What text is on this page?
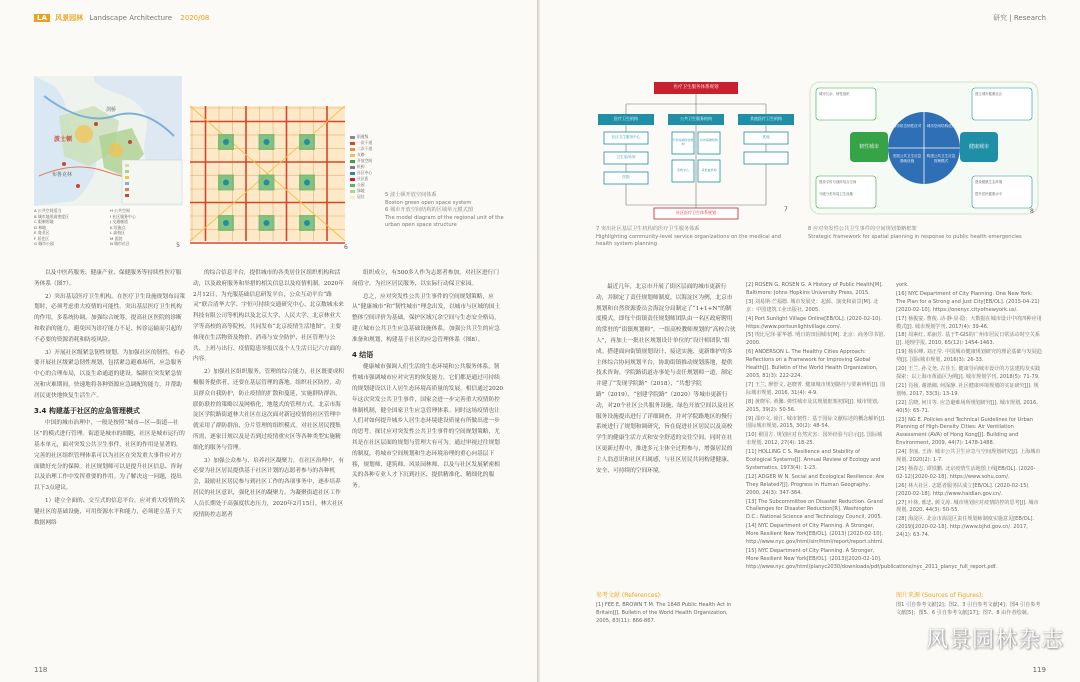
LA 风景园林 Landscape Architecture 2020/08
波士顿
剑桥
布鲁克林
A 公共空间适当
B 城市地景高密度区
C 限制用地
D 林地
E 商业区
F 居住区
G 城市公园
H 公共空间
I 社区服务中心
J 交通廊道
K 设施点
L 高校区
M 医院
N 城市社区	5
街道级
一次干道
二次干道
支路
开放空间
机构
社区中心
社区医
公园
绿地
居住
6
5 波士顿开放空间体系
Boston green open space system
6 城市开放空间结构的区域单元模式图
The model diagram of the regional unit of the urban open space structure

以及中医药服务、健康产业、保健服务等持续性医疗服务体系（图7）。

2）突出基层医疗卫生机构。在医疗卫生设施规划布局策划时，必须考虑重大疫情的可能性。突出基层医疗卫生机构的作用，多系统协调，加强综合统筹，提高社区医院的诊断和收治的能力，避免因为诊疗能力不足、转诊运输而引起的不必要的资源消耗和防疫风险。

3）开展社区级紧急韧性规划。为加强社区的韧性，有必要开展社区级紧急韧性规划，包括紧急避难场所、应急服务中心的合理布局，以及生命通道的建设。编制在突发紧急情况和灾难期间，快速地将各种资源应急调配的能力，并帮助居民更快地恢复生活生产。

3.4 构建基于社区的应急管理模式

中国的城市治理中，一般是按照“城市—区—街道—社区”的模式进行管理。街道是城市的细胞，社区是城市运行的基本单元，面对突发公共卫生事件，社区的作用是显著的。完善的社区组织管理体系可以为社区在突发重大事件应对方面做好充分的保障。社区规划师可以是提升社区信息、咨询以及治理工作中发挥重要的作用。为了解决这一问题，提出以下3点建议。

1）建立全面的、交互式的信息平台。应对重大疫情的关键社区的基础设施，可用资源水平和能力，必须建立基于大数据网络

的综合信息平台，提供城市的各类居住区组织机构和活动，以及政府服务和举措的相关信息以及疫情机制。2020年2月12日，为充服基础信息研发平台，公众互动平台“路灵”联合清华大学、宇恒可持续交通研究中心、北京数城未来科技有限公司等机构以及北京大学、人民大学、北京林业大学等高校的高等院校，共同发布“北京疫情生活地图”，主要体现在生活物资及物价、消毒与安全防护、社区管理与公共、上班与出行、疫情隐患举报以及个人生活日记六方面的内容。

2）加强社区组织服务。管理的综合能力，社区既要成积极服务提供者，还要在基层管理的落地。组织社区防控，动员群众自我防护，防止疫情的扩散和蔓延，实施群防群治，联防联控的策略以及网格化，地毯式的管理方式。北京市海淀区学院路街道林大社区在这次面对新冠疫情的社区管理中就采用了群防群治、分片管理的组织模式。对社区居民搜集所需，逐家日规以及是否到过疫情重灾区等各种类型实施精细化的服务与管理。

3）加强公众参与，培养社区凝聚力。在社区治理中，有必要为社区居民提供基于社区计划的志愿者参与的各种机会，鼓励社区居民参与到社区工作的各项事务中，逐步培养居民的社区意识，强化社区的凝聚力。为凝聚街道社区工作人员长期处于高强度状态压力，2020年2月15日，林大社区疫情防控志愿者

组织成立，有500多人作为志愿者参加，对社区进行门岗值守，为社区居民服务，以实际行动保卫家园。

总之，应对突发性公共卫生事件的空间规划策略，应从“健康城市”和“韧性城市”理念出发，以城市与区域的国土整体空间评价为基础，保护区域冗余空间与生态安全格局，建立城市公共卫生应急基础设施体系，加强公共卫生的应急准备和规划，构建基于社区的应急管理体系（图8）。

4 结语

健康城市强调人们生活的生态环境和公共服务体系，韧性城市强调城市应对灾害的恢复能力，它们都是通过可持续的规划建设以让人居生态环境高质量的发展。相信通过2020年这次突发公共卫生事件，国家会进一步完善重大疫情防控体制机制，健全国家卫生应急管理体系。同时这场疫情也让人们对如何提升城乡人居生态环境建设质量有所做出进一步的思考。探讨应对突发性公共卫生事件的空间规划策略，尤其是在社区层面的规划与管理大有可为。通过审视过往规划的制度，将城市空间规划和生态环境治理的重心向基层下移，规划师、建筑师、风景园林师，以及与社区发展紧密相关的各种专业人才下沉到社区，提供精准化、精细化的服务。

118
研究 | Research
医疗卫生服务体系规划
医疗卫生机构	公共卫生服务机构	其他医疗卫生机构
社区卫生服务中心
卫生室/诊所
医院
专科疾病防治机构
妇幼保健机构
急救中心	采供血机构
其他
社区医疗卫生体系规划	7
韧性城市	健康城市
城市常态韧性应对 城市空间结构优化
发展公共卫生应急基础设施
构建公共卫生应急管理模式
城市冗余、韧性组织
建设平时与战时结合空间
分级分类布局卫生设施
建立城市健康社区
建设健康生态环境
提升居民健康水平
8
7 突出社区基层卫生机构的医疗卫生服务体系
Highlighting community-level service organizations on the medical and health system planning
8 应对突发性公共卫生事件的空间规划策略框架
Strategic framework for spatial planning in response to public health emergencies

最近几年，北京市开展了街区层面的城市更新行动，并制定了责任规划师制度。以海淀区为例，北京市规划和自然资源委员会海淀分局制定了“1+1+N”的制度模式，即每个街镇责任规划师团队由一名区政府聘用的常驻的“街镇规划师”，一组高校教师规划的“高校合伙人”，再加上一批社区规划设计单位的“设计师团队”组成。搭建面向街镇规划设计、接送实施、更新维护的多主体综合协同规划平台，协助街镇推动规划落地，提供技术咨询。学院路街道办事处与责任规划师一道，制定并建了“发现学院路”（2018）、“共想学院路”（2019）、“创建学院路”（2020）等城市更新行动，对20个社区公共服务设施、绿色开放空间以及社区服务设施提出进行了详细调查，并对学院路地区的慢行系统进行了规划和调研究，旨在促进社区居民以及高校学生的健康生活方式和安全舒适的交往空间。同时在社区更新过程中，推进多元主体全过程参与，增强居民的主人翁意识和社区归属感，与社区居民共同构建健康、安全、可持续的空间环境。

参考文献 (References):
[1] FEE E, BROWN T M. The 1848 Public Health Act in Britain[J]. Bulletin of the World Health Organization, 2005, 83(11): 866-867.
[2] ROSEN G, ROSEN G. A History of Public Health[M]. Baltimore: Johns Hopkins University Press, 2015.
[3] 刘易斯·芒福德. 城市发展史：起源、演变和前景[M]. 北京：中国建筑工业出版社, 2005.
[4] Port Sunlight Village Online[EB/OL]. (2020-02-10). https://www.portsunlightvillage.com/.
[5] 埃比尼泽·霍华德. 明日的田园城市[M]. 北京：商务印书馆, 2000.
[6] ANDERSON L. The Healthy Cities Approach: Reflections on a Framework for Improving Global Health[J]. Bulletin of the World Health Organization, 2003, 81(3): 222-224.
[7] 王兰, 廖舒文, 赵晓菁. 健康城市规划路径与要素辨析[J]. 国际城市规划, 2016, 31(4): 4-9.
[8] 黄晓军, 黄馨. 弹性城市及其规划框架初探[J]. 城市规划, 2015, 39(2): 50-56.
[9] 邵亦文, 徐江. 城市韧性：基于国际文献综述的概念解析[J]. 国际城市规划, 2015, 30(2): 48-54.
[10] 翟国方. 规划应对自然灾害：国外经验与启示[J]. 国际城市规划, 2012, 27(4): 18-25.
[11] HOLLING C S. Resilience and Stability of Ecological Systems[J]. Annual Review of Ecology and Systematics, 1973(4): 1-23.
[12] ADGER W N. Social and Ecological Resilience: Are They Related?[J]. Progress in Human Geography, 2000, 24(3): 347-364.
[13] The Subcommittee on Disaster Reduction. Grand Challenges for Disaster Reduction[R]. Washington D.C.: National Science and Technology Council, 2005.
[14] NYC Department of City Planning. A Stronger, More Resilient New York[EB/OL]. (2013) [2020-02-10]. http://www.nyc.gov/html/sirr/html/report/report.shtml.
[15] NYC Department of City Planning. A Stronger, More Resilient New York[EB/OL]. (2013)[2020-02-10]. http://www.nyc.gov/html/planyc2030/downloads/pdf/publications/nyc_2011_planyc_full_report.pdf.
york.
[16] NYC Department of City Planning. One New York: The Plan for a Strong and Just City[EB/OL]. (2015-04-21)[2020-02-10]. https://onenyc.cityofnewyork.us/.
[17] 杨俊宴, 曹俊. 动·静·显·隐：大数据在城市设计中的四种应用模式[J]. 城市规划学刊, 2017(4): 39-46.
[18] 周素红, 邓丽芳. 基于T-GIS的广州市居民日常活动时空关系[J]. 地理学报, 2010, 65(12): 1454-1463.
[19] 杨东峰, 刘正莹. 中国城市健康规划研究的理论基础与发展趋势[J]. 国际城市规划, 2016(3): 26-33.
[20] 王兰, 孙文尧, 古佳玉. 健康导向城市设计的方法建构及实践探索：以上海市黄浦区为例[J]. 城市规划学刊, 2018(5): 71-79.
[21] 肖扬, 谢涤湘, 何深静. 社区健康环境规划的实证研究[J]. 规划师, 2017, 33(3): 13-19.
[22] 岳晓, 何川等. 应急避难场所规划研究[J]. 城市规划, 2016, 40(5): 65-71.
[23] NG E. Policies and Technical Guidelines for Urban Planning of High-Density Cities: Air Ventilation Assessment (AVA) of Hong Kong[J]. Building and Environment, 2009, 44(7): 1478-1488.
[24] 李丽, 王涛. 城市公共卫生应急与空间规划研究[J]. 上海城市规划, 2020(2): 1-7.
[25] 杨春志, 谭铁鹏. 北京疫情生活地图上线[EB/OL]. (2020-02-12)[2020-02-18]. https://www.sohu.com/.
[26] 林大社区. 志愿者服务队成立[EB/OL]. (2020-02-15)[2020-02-18]. http://www.haidian.gov.cn/.
[27] 叶林, 邢忠, 颜文涛. 城市规划应对疫情防控的思考[J]. 城市规划, 2020, 44(3): 50-55.
[28] 海淀区. 北京市海淀区责任规划师制度实施意见[EB/OL]. (2019)[2020-02-18]. http://www.bjhd.gov.cn/. 2017, 24(1): 63-74.
图片来源 (Sources of Figures):
图1 引自参考文献[2]；图2、3 引自参考文献[4]；图4 引自参考文献[5]；图5、6 引自参考文献[17]；图7、8 由作者绘制。
119
风景园林杂志
